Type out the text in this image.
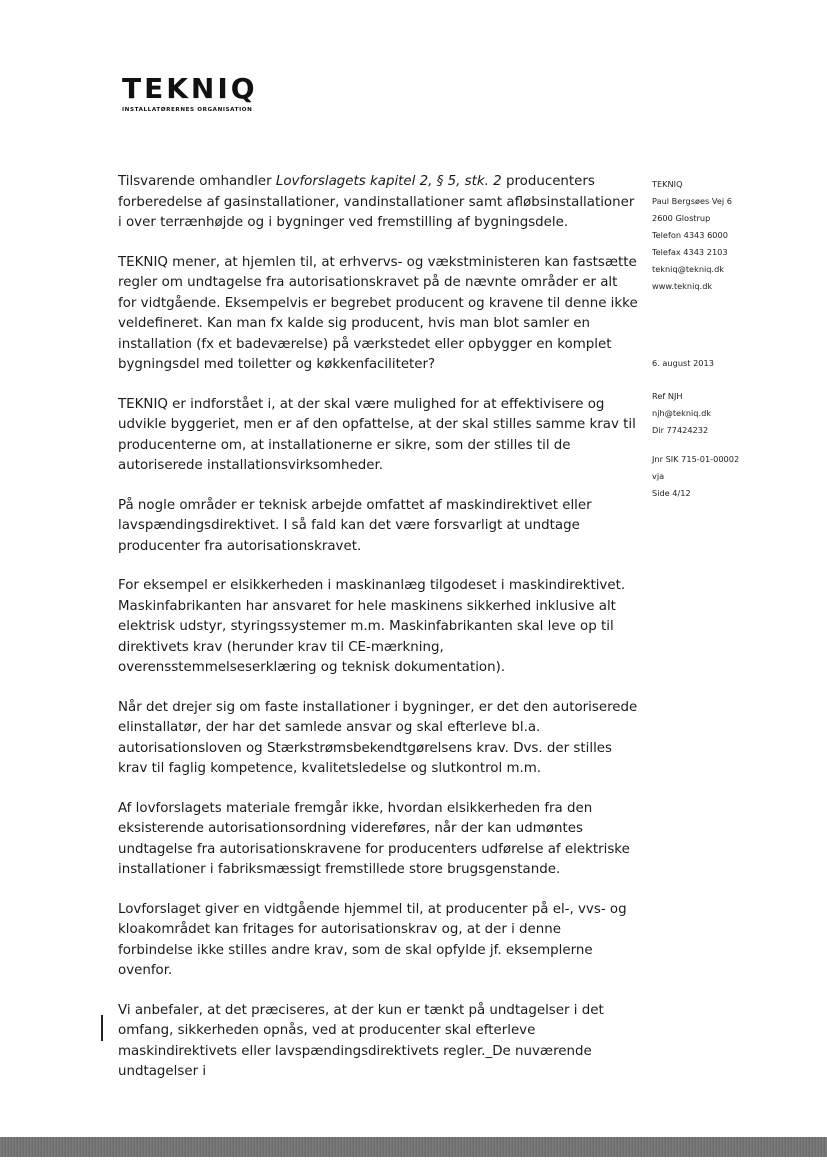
TEKNIQ
INSTALLATØRERNES ORGANISATION

Tilsvarende omhandler Lovforslagets kapitel 2, § 5, stk. 2 producenters forberedelse af gasinstallationer, vandinstallationer samt afløbsinstallationer i over terrænhøjde og i bygninger ved fremstilling af bygningsdele.

TEKNIQ mener, at hjemlen til, at erhvervs- og vækstministeren kan fastsætte regler om undtagelse fra autorisationskravet på de nævnte områder er alt for vidtgående. Eksempelvis er begrebet producent og kravene til denne ikke veldefineret. Kan man fx kalde sig producent, hvis man blot samler en installation (fx et badeværelse) på værkstedet eller opbygger en komplet bygningsdel med toiletter og køkkenfaciliteter?

TEKNIQ er indforstået i, at der skal være mulighed for at effektivisere og udvikle byggeriet, men er af den opfattelse, at der skal stilles samme krav til producenterne om, at installationerne er sikre, som der stilles til de autoriserede installationsvirksomheder.

På nogle områder er teknisk arbejde omfattet af maskindirektivet eller lavspændingsdirektivet. I så fald kan det være forsvarligt at undtage producenter fra autorisationskravet.

For eksempel er elsikkerheden i maskinanlæg tilgodeset i maskindirektivet. Maskinfabrikanten har ansvaret for hele maskinens sikkerhed inklusive alt elektrisk udstyr, styringssystemer m.m. Maskinfabrikanten skal leve op til direktivets krav (herunder krav til CE-mærkning, overensstemmelseserklæring og teknisk dokumentation).

Når det drejer sig om faste installationer i bygninger, er det den autoriserede elinstallatør, der har det samlede ansvar og skal efterleve bl.a. autorisationsloven og Stærkstrømsbekendtgørelsens krav. Dvs. der stilles krav til faglig kompetence, kvalitetsledelse og slutkontrol m.m.

Af lovforslagets materiale fremgår ikke, hvordan elsikkerheden fra den eksisterende autorisationsordning videreføres, når der kan udmøntes undtagelse fra autorisationskravene for producenters udførelse af elektriske installationer i fabriksmæssigt fremstillede store brugsgenstande.

Lovforslaget giver en vidtgående hjemmel til, at producenter på el-, vvs- og kloakområdet kan fritages for autorisationskrav og, at der i denne forbindelse ikke stilles andre krav, som de skal opfylde jf. eksemplerne ovenfor.

Vi anbefaler, at det præciseres, at der kun er tænkt på undtagelser i det omfang, sikkerheden opnås, ved at producenter skal efterleve maskindirektivets eller lavspændingsdirektivets regler._De nuværende undtagelser i

TEKNIQ
Paul Bergsøes Vej 6
2600 Glostrup
Telefon 4343 6000
Telefax 4343 2103
tekniq@tekniq.dk
www.tekniq.dk
6. august 2013
Ref NJH
njh@tekniq.dk
Dir 77424232
Jnr SIK 715-01-00002
vja
Side 4/12
